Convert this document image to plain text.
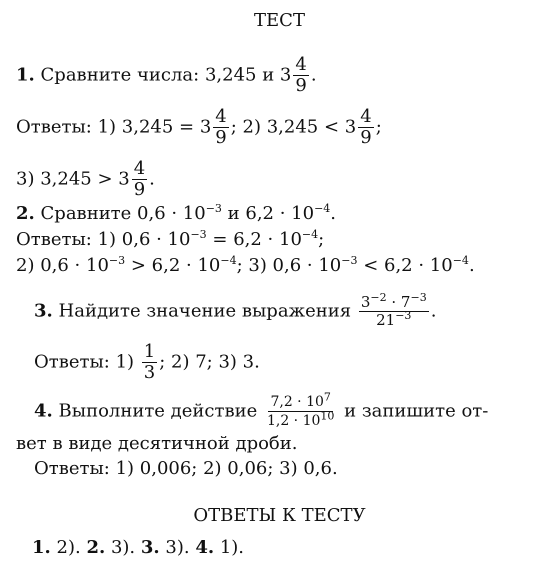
ТЕСТ
1. Сравните числа: 3,245 и $3 \frac{4}{9}$ .
Ответы: 1) $3,245 = 3 \frac{4}{9}$ ; 2) $3,245 < 3 \frac{4}{9}$ ;
3) $3,245 > 3 \frac{4}{9}$ .
2. Сравните $0,6 \cdot 10^{-3}$ и $6,2 \cdot 10^{-4}$.
Ответы: 1) $0,6 \cdot 10^{-3} = 6,2 \cdot 10^{-4}$;
2) $0,6 \cdot 10^{-3} > 6,2 \cdot 10^{-4}$; 3) $0,6 \cdot 10^{-3} < 6,2 \cdot 10^{-4}$.
3. Найдите значение выражения $\frac{3^{-2} \cdot 7^{-3}}{21^{-3}}$ .
Ответы: $1) \frac{1}{3}$ ; 2) 7; 3) 3.
4. Выполните действие $\frac{7,2 \cdot 10^7}{1,2 \cdot 10^{10}}$ и запишите от-
вет в виде десятичной дроби.
Ответы: 1) 0,006; 2) 0,06; 3) 0,6.
ОТВЕТЫ К ТЕСТУ
1. 2). 2. 3). 3. 3). 4. 1).
